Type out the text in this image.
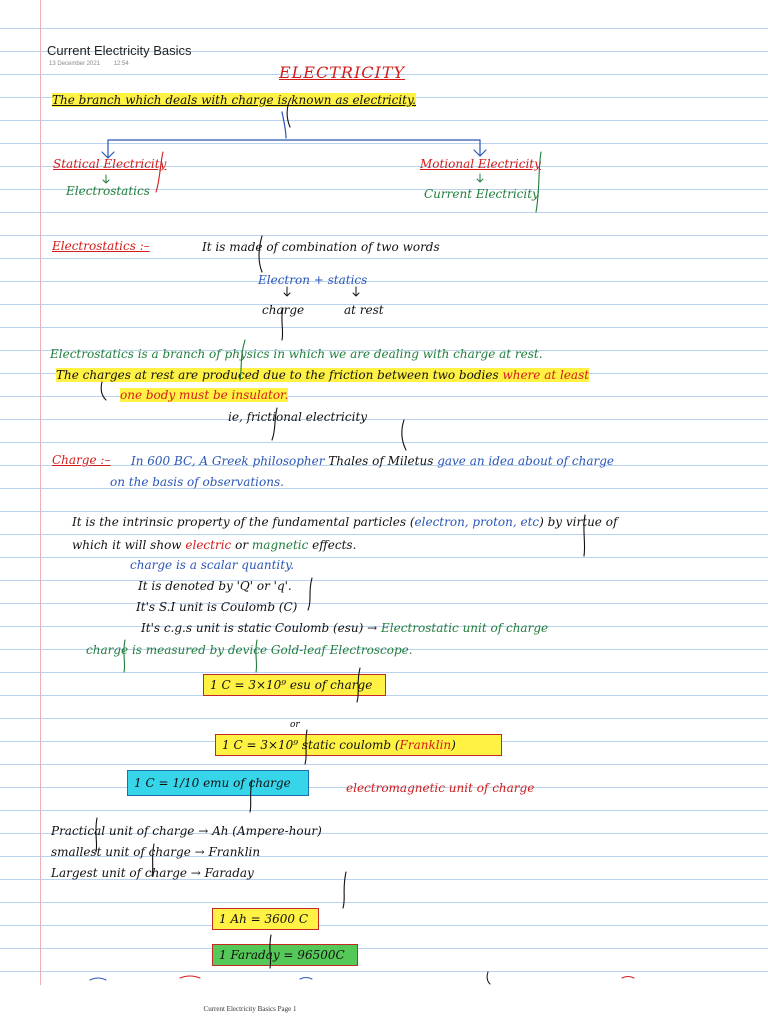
Current Electricity Basics
13 December 2021 12:54	ELECTRICITY
The branch which deals with charge is known as electricity.
Statical Electricity
Electrostatics
Motional Electricity
Current Electricity
Electrostatics :–	It is made of combination of two words
Electron + statics
charge	at rest
Electrostatics is a branch of physics in which we are dealing with charge at rest.
The charges at rest are produced due to the friction between two bodies where at least
one body must be insulator.
ie, frictional electricity
Charge :– In 600 BC, A Greek philosopher Thales of Miletus gave an idea about of charge
on the basis of observations.
It is the intrinsic property of the fundamental particles (electron, proton, etc) by virtue of
which it will show electric or magnetic effects.
charge is a scalar quantity.
It is denoted by 'Q' or 'q'.
It's S.I unit is Coulomb (C)
It's c.g.s unit is static Coulomb (esu) → Electrostatic unit of charge
charge is measured by device Gold-leaf Electroscope.
1 C = 3×10⁹ esu of charge
or
1 C = 3×10⁹ static coulomb (Franklin)
1 C = 1/10 emu of charge	electromagnetic unit of charge
Practical unit of charge → Ah (Ampere-hour)
smallest unit of charge → Franklin
Largest unit of charge → Faraday
1 Ah = 3600 C
1 Faraday = 96500C
Current Electricity Basics Page 1
